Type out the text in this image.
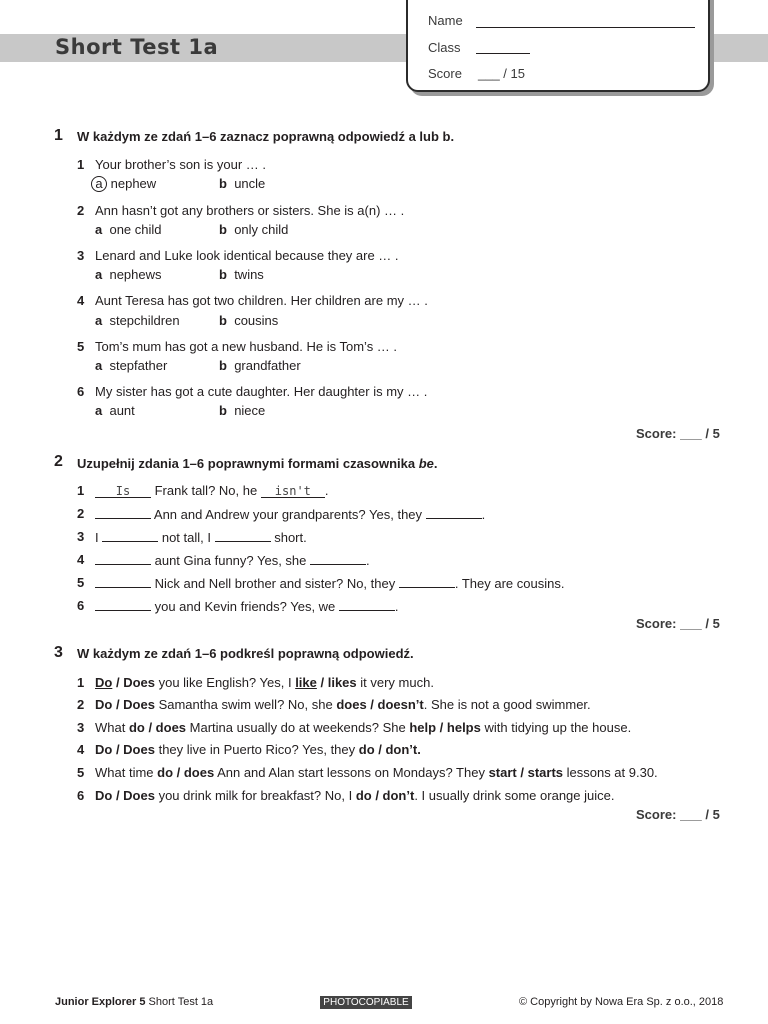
Short Test 1a
Name
Class
Score ___ / 15
1 W każdym ze zdań 1–6 zaznacz poprawną odpowiedź a lub b.
1 Your brother’s son is your … .
a nephew	b uncle
2 Ann hasn’t got any brothers or sisters. She is a(n) … .
a one child	b only child
3 Lenard and Luke look identical because they are … .
a nephews	b twins
4 Aunt Teresa has got two children. Her children are my … .
a stepchildren	b cousins
5 Tom’s mum has got a new husband. He is Tom’s … .
a stepfather	b grandfather
6 My sister has got a cute daughter. Her daughter is my … .
a aunt	b niece
Score: ___ / 5
2 Uzupełnij zdania 1–6 poprawnymi formami czasownika be.
1	Is Frank tall? No, he isn't .
2	Ann and Andrew your grandparents? Yes, they	.
3 I	not tall, I	short.
4	aunt Gina funny? Yes, she	.
5	Nick and Nell brother and sister? No, they	. They are cousins.
6	you and Kevin friends? Yes, we	.
Score: ___ / 5
3 W każdym ze zdań 1–6 podkreśl poprawną odpowiedź.
1 Do / Does you like English? Yes, I like / likes it very much.
2 Do / Does Samantha swim well? No, she does / doesn’t. She is not a good swimmer.
3 What do / does Martina usually do at weekends? She help / helps with tidying up the house.
4 Do / Does they live in Puerto Rico? Yes, they do / don’t.
5 What time do / does Ann and Alan start lessons on Mondays? They start / starts lessons at 9.30.
6 Do / Does you drink milk for breakfast? No, I do / don’t. I usually drink some orange juice.
Score: ___ / 5
Junior Explorer 5 Short Test 1a	PHOTOCOPIABLE	© Copyright by Nowa Era Sp. z o.o., 2018
